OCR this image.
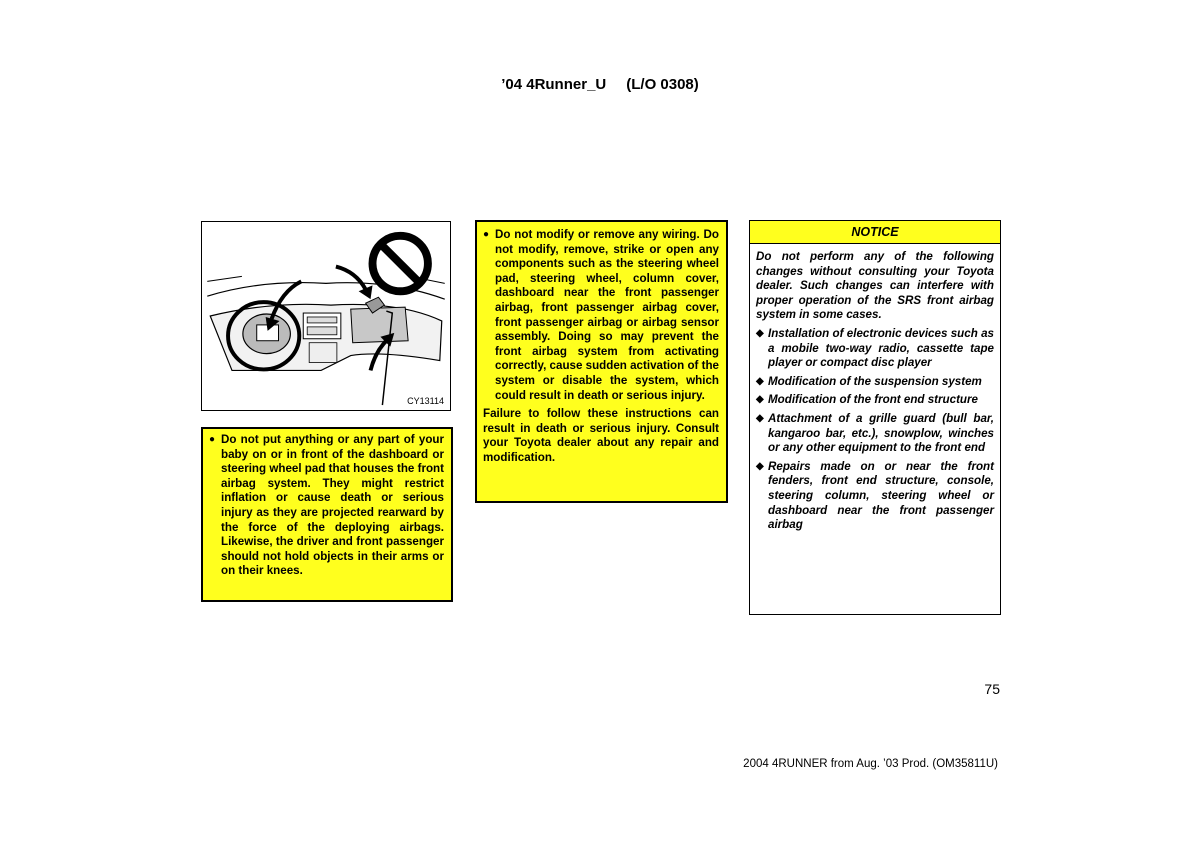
’04 4Runner_U (L/O 0308)
CY13114
● Do not put anything or any part of your baby on or in front of the dashboard or steering wheel pad that houses the front airbag system. They might restrict inflation or cause death or serious injury as they are projected rearward by the force of the deploying airbags. Likewise, the driver and front passenger should not hold objects in their arms or on their knees.
● Do not modify or remove any wiring. Do not modify, remove, strike or open any components such as the steering wheel pad, steering wheel, column cover, dashboard near the front passenger airbag, front passenger airbag cover, front passenger airbag or airbag sensor assembly. Doing so may prevent the front airbag system from activating correctly, cause sudden activation of the system or disable the system, which could result in death or serious injury.

Failure to follow these instructions can result in death or serious injury. Consult your Toyota dealer about any repair and modification.

NOTICE

Do not perform any of the following changes without consulting your Toyota dealer. Such changes can interfere with proper operation of the SRS front airbag system in some cases.

◆ Installation of electronic devices such as a mobile two-way radio, cassette tape player or compact disc player
◆ Modification of the suspension system
◆ Modification of the front end structure
◆ Attachment of a grille guard (bull bar, kangaroo bar, etc.), snowplow, winches or any other equipment to the front end
◆ Repairs made on or near the front fenders, front end structure, console, steering column, steering wheel or dashboard near the front passenger airbag
75
2004 4RUNNER from Aug. ’03 Prod. (OM35811U)
